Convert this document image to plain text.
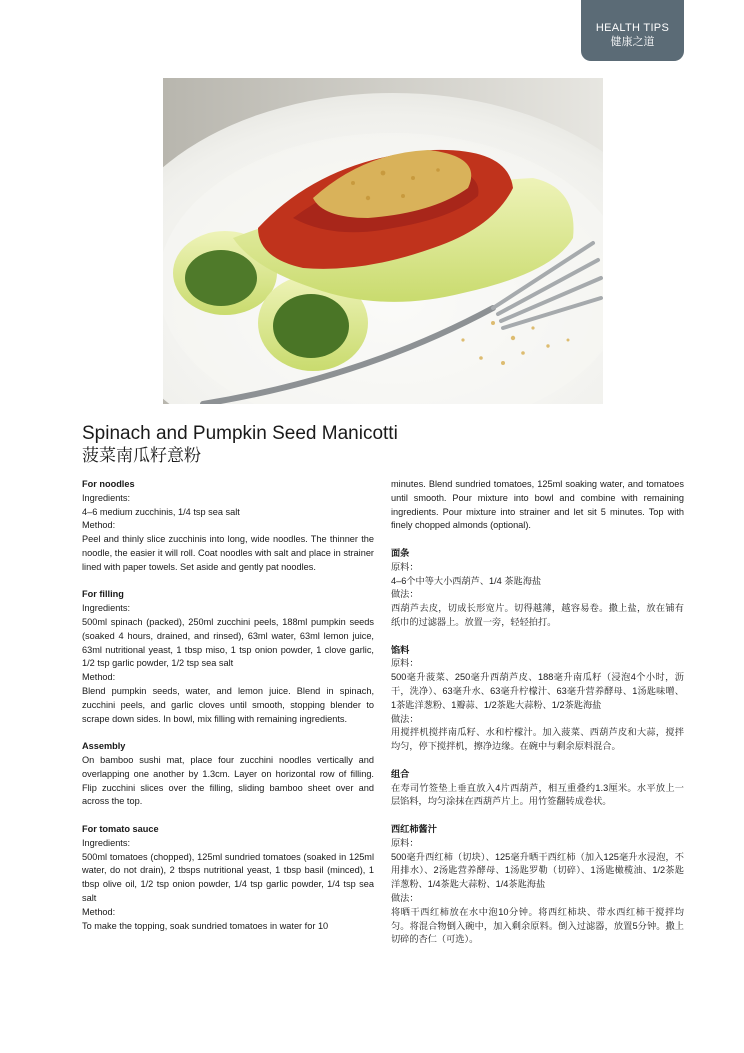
HEALTH TIPS
健康之道
Spinach and Pumpkin Seed Manicotti
菠菜南瓜籽意粉
For noodles
Ingredients:
4–6 medium zucchinis, 1/4 tsp sea salt
Method:
Peel and thinly slice zucchinis into long, wide noodles. The thinner the noodle, the easier it will roll. Coat noodles with salt and place in strainer lined with paper towels. Set aside and gently pat noodles.
For filling
Ingredients:
500ml spinach (packed), 250ml zucchini peels, 188ml pumpkin seeds (soaked 4 hours, drained, and rinsed), 63ml water, 63ml lemon juice, 63ml nutritional yeast, 1 tbsp miso, 1 tsp onion powder, 1 clove garlic, 1/2 tsp garlic powder, 1/2 tsp sea salt
Method:
Blend pumpkin seeds, water, and lemon juice. Blend in spinach, zucchini peels, and garlic cloves until smooth, stopping blender to scrape down sides. In bowl, mix filling with remaining ingredients.
Assembly
On bamboo sushi mat, place four zucchini noodles vertically and overlapping one another by 1.3cm. Layer on horizontal row of filling. Flip zucchini slices over the filling, sliding bamboo sheet over and across the top.
For tomato sauce
Ingredients:
500ml tomatoes (chopped), 125ml sundried tomatoes (soaked in 125ml water, do not drain), 2 tbsps nutritional yeast, 1 tbsp basil (minced), 1 tbsp olive oil, 1/2 tsp onion powder, 1/4 tsp garlic powder, 1/4 tsp sea salt
Method:
To make the topping, soak sundried tomatoes in water for 10
minutes. Blend sundried tomatoes, 125ml soaking water, and tomatoes until smooth. Pour mixture into bowl and combine with remaining ingredients. Pour mixture into strainer and let sit 5 minutes. Top with finely chopped almonds (optional).
面条
原料：
4–6个中等大小西葫芦、1/4 茶匙海盐
做法：
西葫芦去皮，切成长形宽片。切得越薄，越容易卷。撒上盐，放在铺有纸巾的过滤器上。放置一旁，轻轻拍打。
馅料
原料：
500毫升菠菜、250毫升西葫芦皮、188毫升南瓜籽（浸泡4个小时，沥干，洗净）、63毫升水、63毫升柠檬汁、63毫升营养酵母、1汤匙味噌、1茶匙洋葱粉、1瓣蒜、1/2茶匙大蒜粉、1/2茶匙海盐
做法：
用搅拌机搅拌南瓜籽、水和柠檬汁。加入菠菜、西葫芦皮和大蒜，搅拌均匀，停下搅拌机，擦净边缘。在碗中与剩余原料混合。
组合
在寿司竹签垫上垂直放入4片西葫芦，相互重叠约1.3厘米。水平放上一层馅料，均匀涂抹在西葫芦片上。用竹签翻转成卷状。
西红柿酱汁
原料：
500毫升西红柿（切块）、125毫升晒干西红柿（加入125毫升水浸泡，不用排水）、2汤匙营养酵母、1汤匙罗勒（切碎）、1汤匙橄榄油、1/2茶匙洋葱粉、1/4茶匙大蒜粉、1/4茶匙海盐
做法：
将晒干西红柿放在水中泡10分钟。将西红柿块、带水西红柿干搅拌均匀。将混合物倒入碗中，加入剩余原料。倒入过滤器，放置5分钟。撒上切碎的杏仁（可选）。
